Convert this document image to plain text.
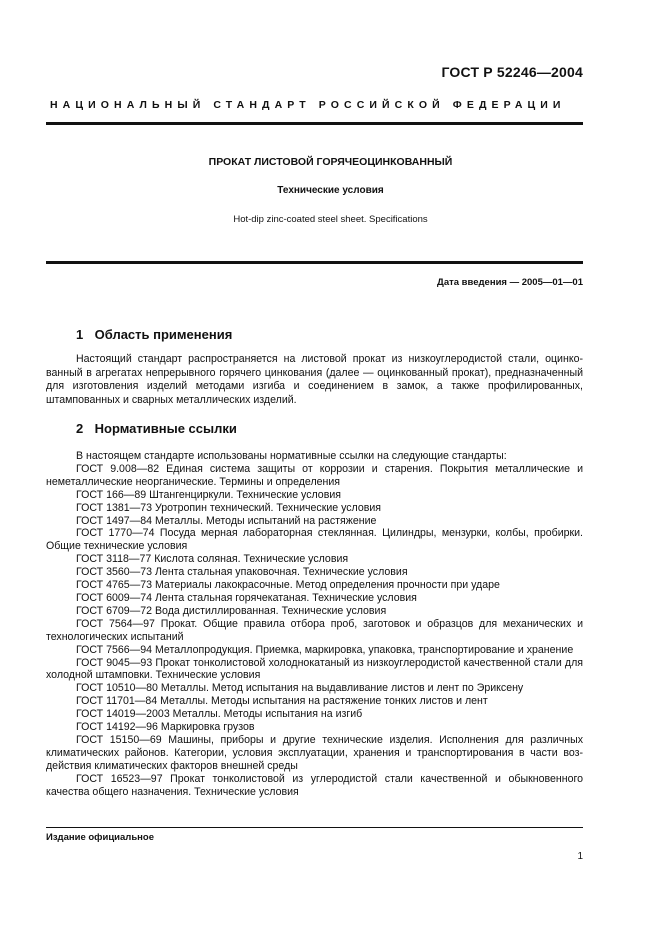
ГОСТ Р 52246—2004
НАЦИОНАЛЬНЫЙ СТАНДАРТ РОССИЙСКОЙ ФЕДЕРАЦИИ
ПРОКАТ ЛИСТОВОЙ ГОРЯЧЕОЦИНКОВАННЫЙ
Технические условия
Hot-dip zinc-coated steel sheet. Specifications
Дата введения — 2005—01—01
1 Область применения
Настоящий стандарт распространяется на листовой прокат из низкоуглеродистой стали, оцинкованный в агрегатах непрерывного горячего цинкования (далее — оцинкованный прокат), предназначенный для изготовления изделий методами изгиба и соединением в замок, а также профилированных, штампованных и сварных металлических изделий.
2 Нормативные ссылки
В настоящем стандарте использованы нормативные ссылки на следующие стандарты:
ГОСТ 9.008—82 Единая система защиты от коррозии и старения. Покрытия металлические и неметаллические неорганические. Термины и определения
ГОСТ 166—89 Штангенциркули. Технические условия
ГОСТ 1381—73 Уротропин технический. Технические условия
ГОСТ 1497—84 Металлы. Методы испытаний на растяжение
ГОСТ 1770—74 Посуда мерная лабораторная стеклянная. Цилиндры, мензурки, колбы, пробирки. Общие технические условия
ГОСТ 3118—77 Кислота соляная. Технические условия
ГОСТ 3560—73 Лента стальная упаковочная. Технические условия
ГОСТ 4765—73 Материалы лакокрасочные. Метод определения прочности при ударе
ГОСТ 6009—74 Лента стальная горячекатаная. Технические условия
ГОСТ 6709—72 Вода дистиллированная. Технические условия
ГОСТ 7564—97 Прокат. Общие правила отбора проб, заготовок и образцов для механических и технологических испытаний
ГОСТ 7566—94 Металлопродукция. Приемка, маркировка, упаковка, транспортирование и хранение
ГОСТ 9045—93 Прокат тонколистовой холоднокатаный из низкоуглеродистой качественной стали для холодной штамповки. Технические условия
ГОСТ 10510—80 Металлы. Метод испытания на выдавливание листов и лент по Эриксену
ГОСТ 11701—84 Металлы. Методы испытания на растяжение тонких листов и лент
ГОСТ 14019—2003 Металлы. Методы испытания на изгиб
ГОСТ 14192—96 Маркировка грузов
ГОСТ 15150—69 Машины, приборы и другие технические изделия. Исполнения для различных климатических районов. Категории, условия эксплуатации, хранения и транспортирования в части воздействия климатических факторов внешней среды
ГОСТ 16523—97 Прокат тонколистовой из углеродистой стали качественной и обыкновенного качества общего назначения. Технические условия
Издание официальное
1
